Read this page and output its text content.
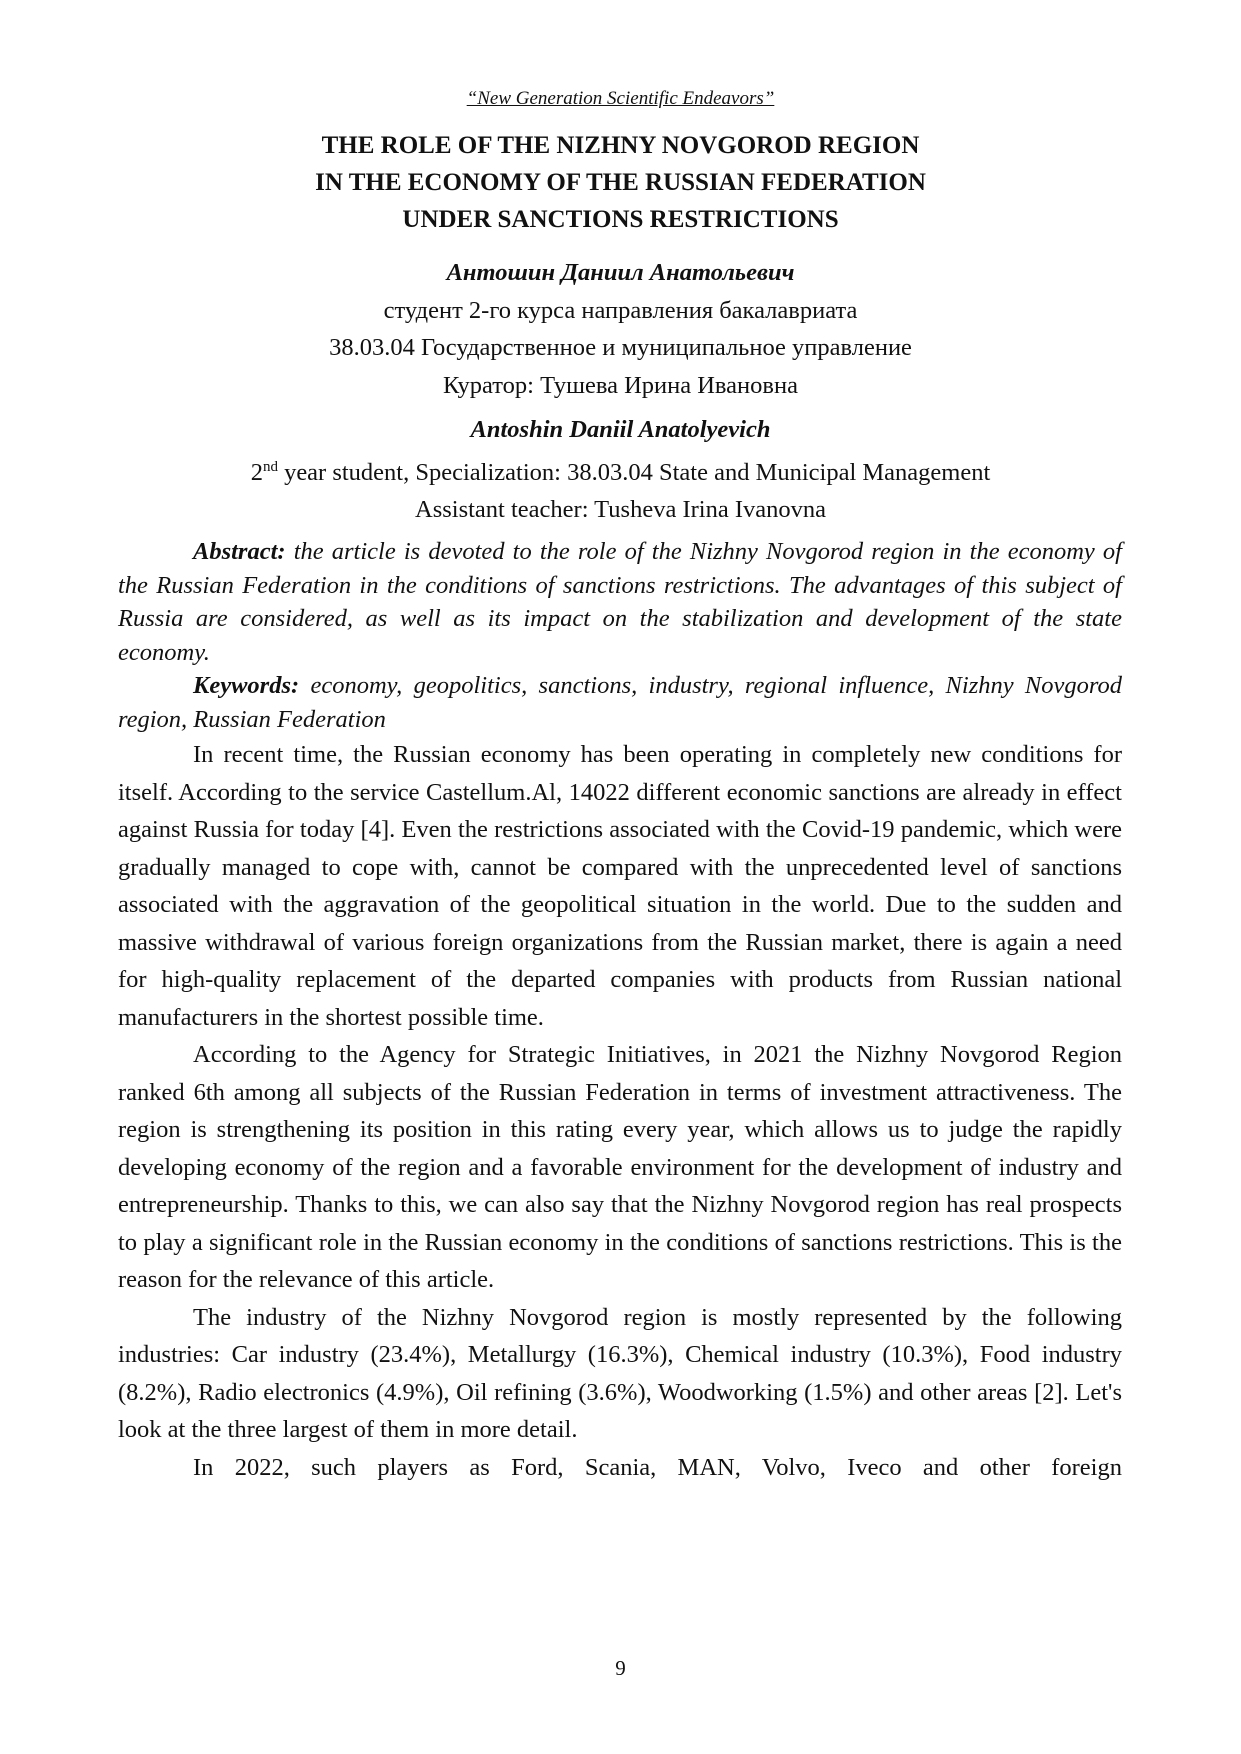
“New Generation Scientific Endeavors”
THE ROLE OF THE NIZHNY NOVGOROD REGION
IN THE ECONOMY OF THE RUSSIAN FEDERATION
UNDER SANCTIONS RESTRICTIONS
Антошин Даниил Анатольевич
студент 2-го курса направления бакалавриата
38.03.04 Государственное и муниципальное управление
Куратор: Тушева Ирина Ивановна
Antoshin Daniil Anatolyevich
2nd year student, Specialization: 38.03.04 State and Municipal Management
Assistant teacher: Tusheva Irina Ivanovna

Abstract: the article is devoted to the role of the Nizhny Novgorod region in the economy of the Russian Federation in the conditions of sanctions restrictions. The advantages of this subject of Russia are considered, as well as its impact on the stabilization and development of the state economy.

Keywords: economy, geopolitics, sanctions, industry, regional influence, Nizhny Novgorod region, Russian Federation

In recent time, the Russian economy has been operating in completely new conditions for itself. According to the service Castellum.Al, 14022 different economic sanctions are already in effect against Russia for today [4]. Even the restrictions associated with the Covid-19 pandemic, which were gradually managed to cope with, cannot be compared with the unprecedented level of sanctions associated with the aggravation of the geopolitical situation in the world. Due to the sudden and massive withdrawal of various foreign organizations from the Russian market, there is again a need for high-quality replacement of the departed companies with products from Russian national manufacturers in the shortest possible time.

According to the Agency for Strategic Initiatives, in 2021 the Nizhny Novgorod Region ranked 6th among all subjects of the Russian Federation in terms of investment attractiveness. The region is strengthening its position in this rating every year, which allows us to judge the rapidly developing economy of the region and a favorable environment for the development of industry and entrepreneurship. Thanks to this, we can also say that the Nizhny Novgorod region has real prospects to play a significant role in the Russian economy in the conditions of sanctions restrictions. This is the reason for the relevance of this article.

The industry of the Nizhny Novgorod region is mostly represented by the following industries: Car industry (23.4%), Metallurgy (16.3%), Chemical industry (10.3%), Food industry (8.2%), Radio electronics (4.9%), Oil refining (3.6%), Woodworking (1.5%) and other areas [2]. Let's look at the three largest of them in more detail.

In 2022, such players as Ford, Scania, MAN, Volvo, Iveco and other foreign

9
